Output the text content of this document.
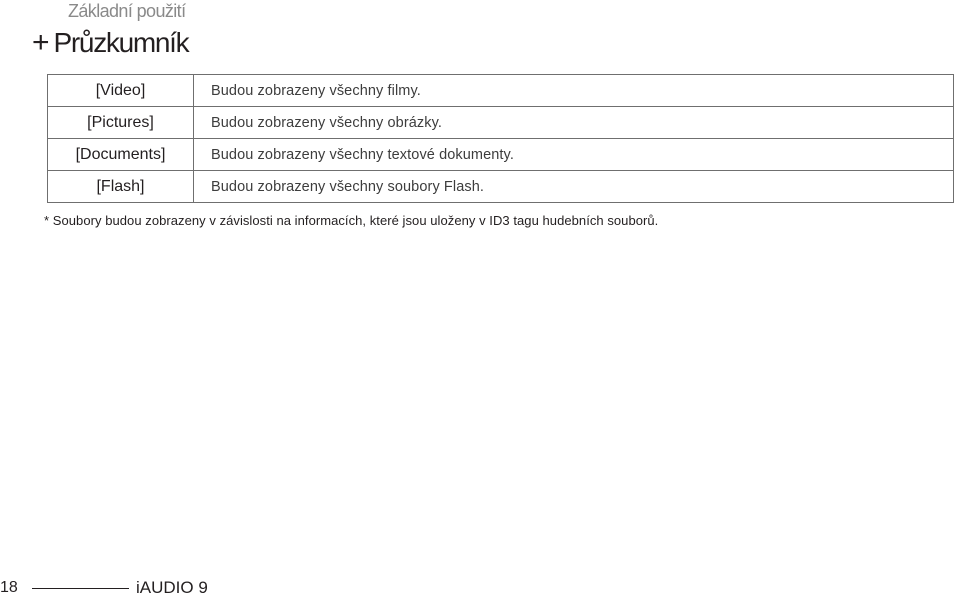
Základní použití
+ Průzkumník
[Video]	Budou zobrazeny všechny filmy.
[Pictures]	Budou zobrazeny všechny obrázky.
[Documents]	Budou zobrazeny všechny textové dokumenty.
[Flash]	Budou zobrazeny všechny soubory Flash.
* Soubory budou zobrazeny v závislosti na informacích, které jsou uloženy v ID3 tagu hudebních souborů.
18	iAUDIO 9
